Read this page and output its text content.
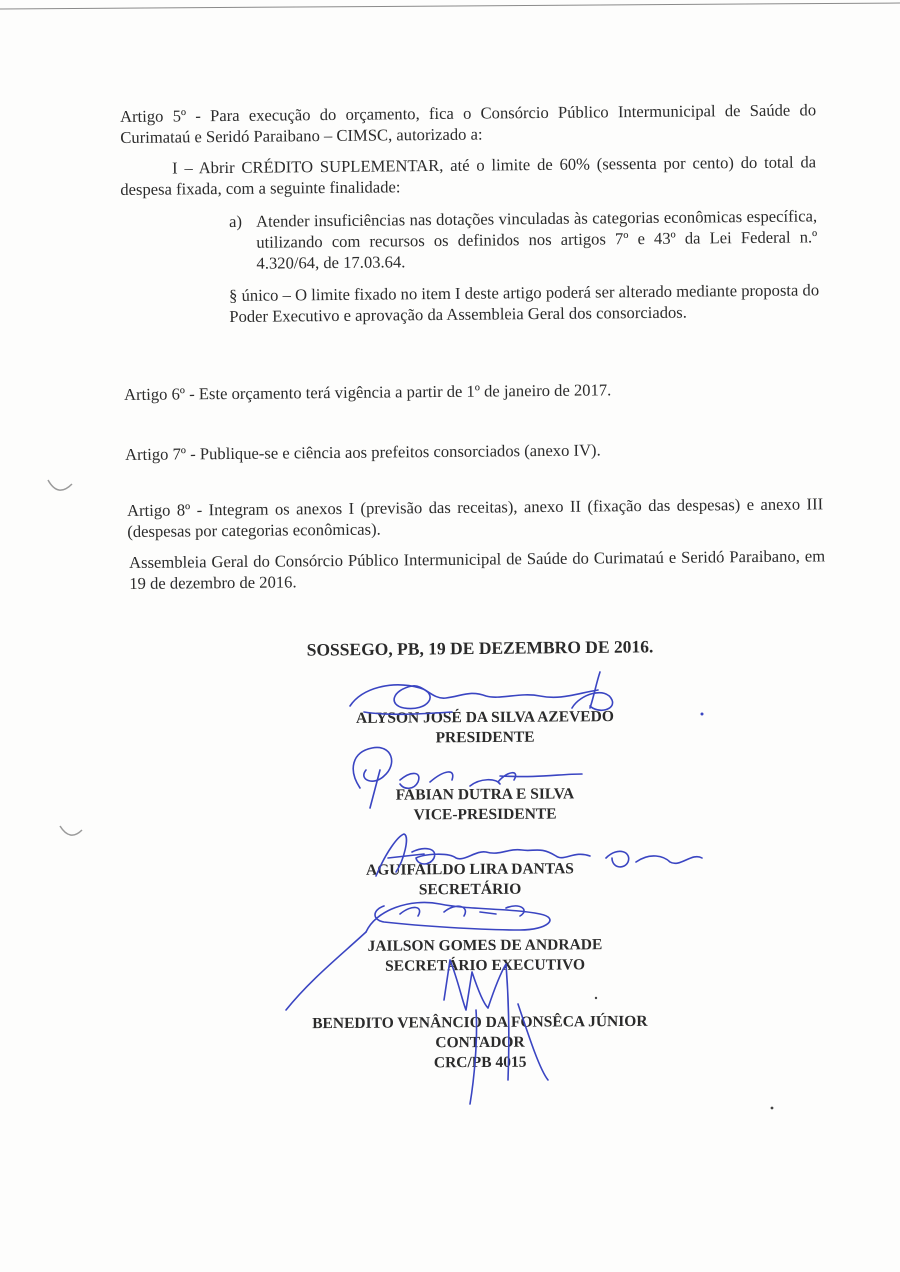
Artigo 5º - Para execução do orçamento, fica o Consórcio Público Intermunicipal de Saúde do Curimataú e Seridó Paraibano – CIMSC, autorizado a:

I – Abrir CRÉDITO SUPLEMENTAR, até o limite de 60% (sessenta por cento) do total da despesa fixada, com a seguinte finalidade:

a) Atender insuficiências nas dotações vinculadas às categorias econômicas específica, utilizando com recursos os definidos nos artigos 7º e 43º da Lei Federal n.º 4.320/64, de 17.03.64.

§ único – O limite fixado no item I deste artigo poderá ser alterado mediante proposta do Poder Executivo e aprovação da Assembleia Geral dos consorciados.

Artigo 6º - Este orçamento terá vigência a partir de 1º de janeiro de 2017.

Artigo 7º - Publique-se e ciência aos prefeitos consorciados (anexo IV).

Artigo 8º - Integram os anexos I (previsão das receitas), anexo II (fixação das despesas) e anexo III (despesas por categorias econômicas).

Assembleia Geral do Consórcio Público Intermunicipal de Saúde do Curimataú e Seridó Paraibano, em 19 de dezembro de 2016.

SOSSEGO, PB, 19 DE DEZEMBRO DE 2016.

ALYSON JOSÉ DA SILVA AZEVEDO

PRESIDENTE

FABIAN DUTRA E SILVA

VICE-PRESIDENTE

AGUIFAILDO LIRA DANTAS

SECRETÁRIO

JAILSON GOMES DE ANDRADE

SECRETÁRIO EXECUTIVO

BENEDITO VENÂNCIO DA FONSÊCA JÚNIOR

CONTADOR

CRC/PB 4015
